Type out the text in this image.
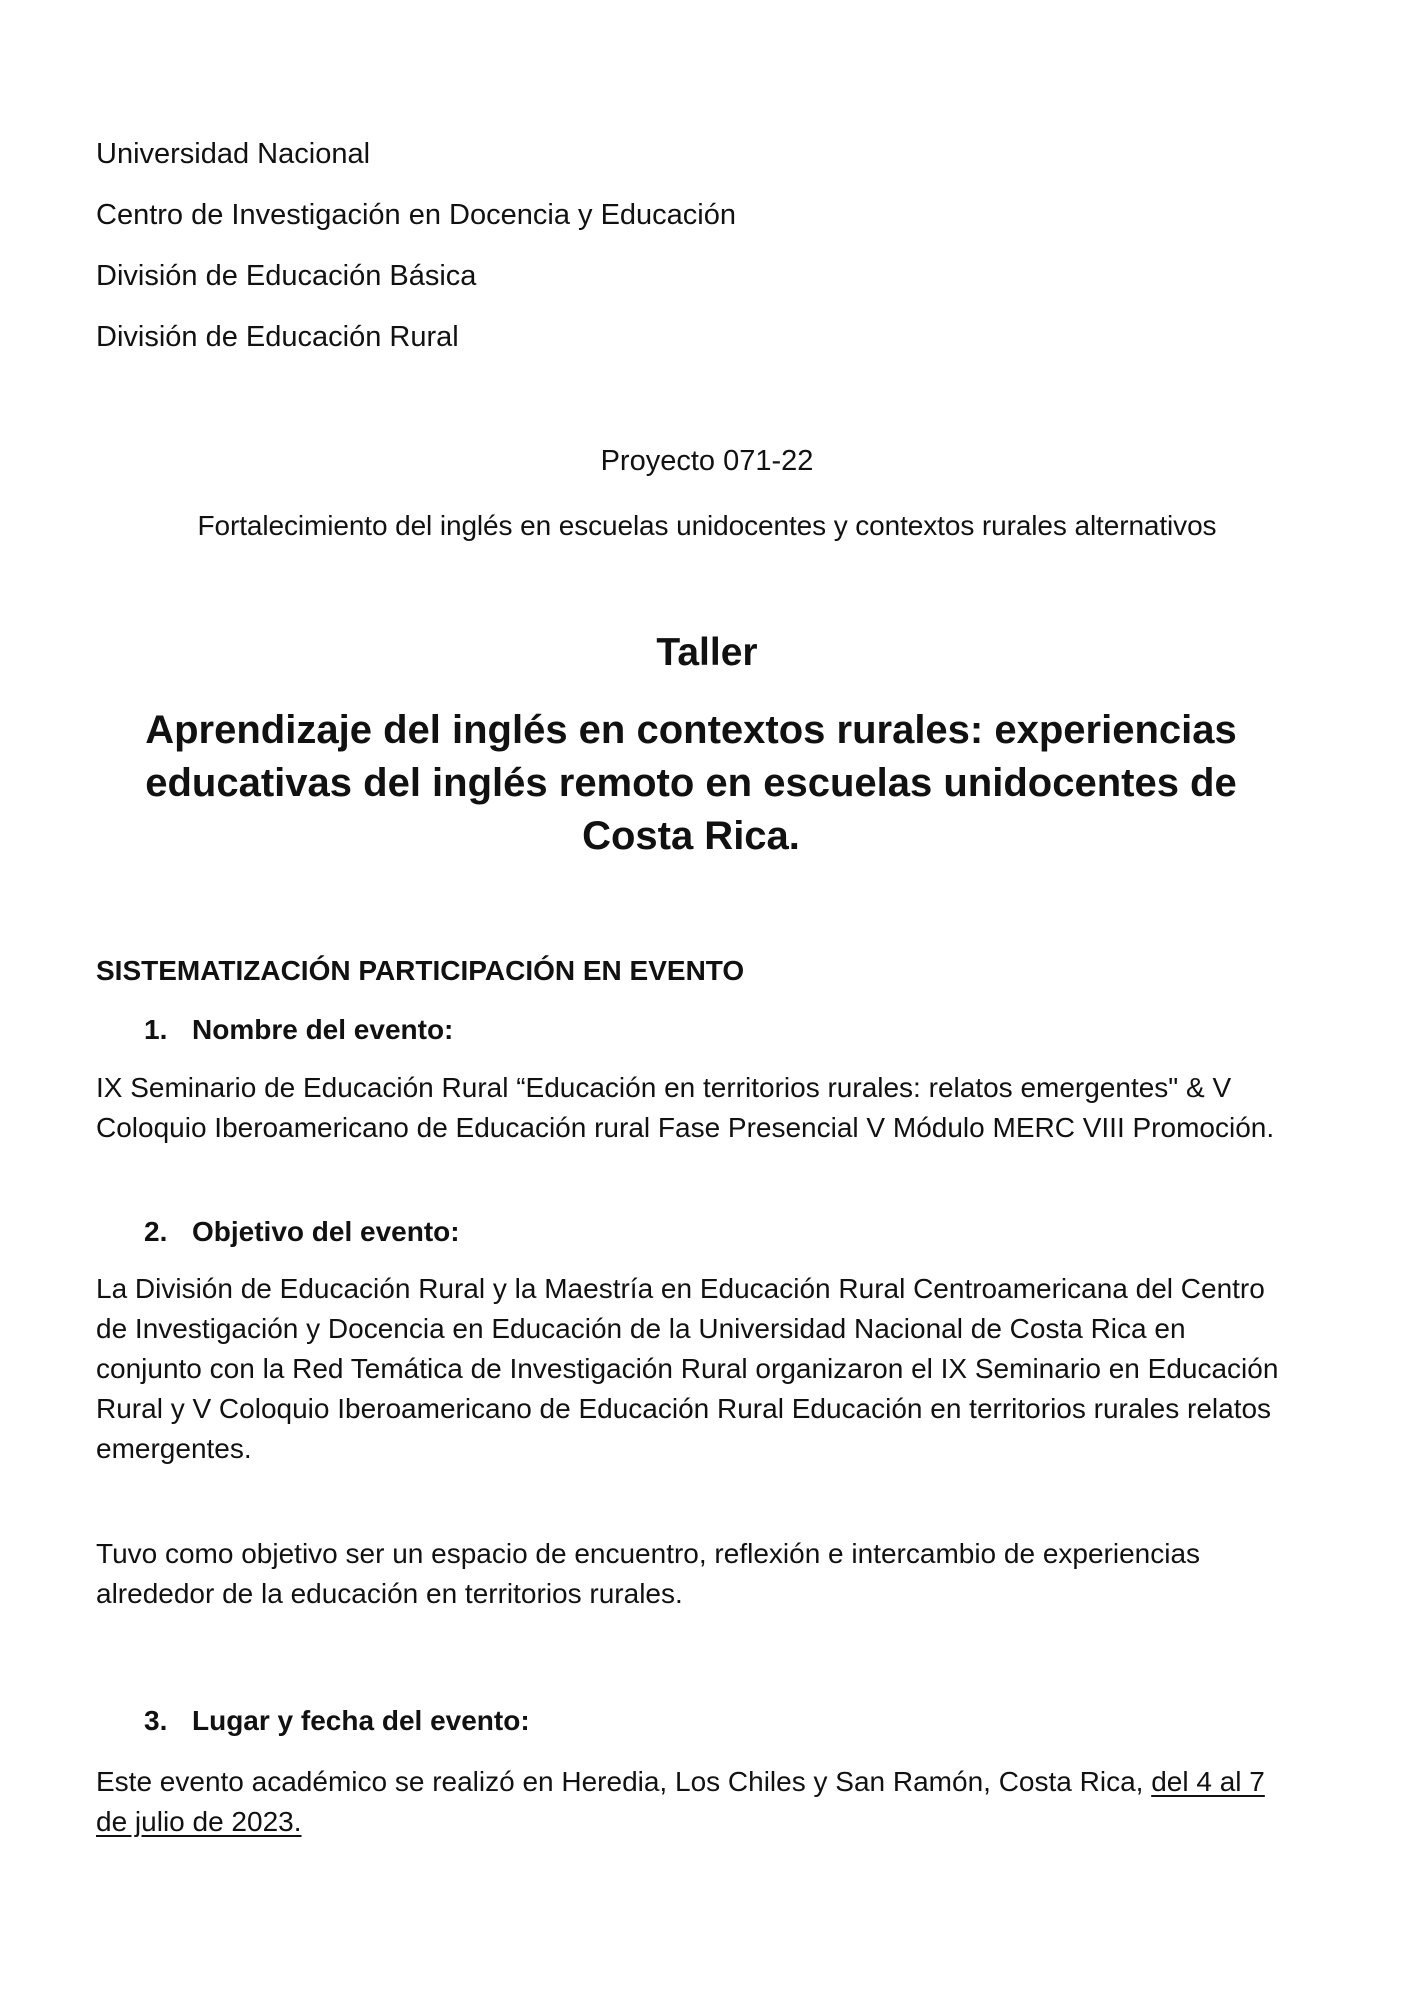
Universidad Nacional
Centro de Investigación en Docencia y Educación
División de Educación Básica
División de Educación Rural
Proyecto 071-22
Fortalecimiento del inglés en escuelas unidocentes y contextos rurales alternativos
Taller
Aprendizaje del inglés en contextos rurales: experiencias educativas del inglés remoto en escuelas unidocentes de Costa Rica.
SISTEMATIZACIÓN PARTICIPACIÓN EN EVENTO
1. Nombre del evento:
IX Seminario de Educación Rural “Educación en territorios rurales: relatos emergentes" & V Coloquio Iberoamericano de Educación rural Fase Presencial V Módulo MERC VIII Promoción.
2. Objetivo del evento:
La División de Educación Rural y la Maestría en Educación Rural Centroamericana del Centro de Investigación y Docencia en Educación de la Universidad Nacional de Costa Rica en conjunto con la Red Temática de Investigación Rural organizaron el IX Seminario en Educación Rural y V Coloquio Iberoamericano de Educación Rural Educación en territorios rurales relatos emergentes.
Tuvo como objetivo ser un espacio de encuentro, reflexión e intercambio de experiencias alrededor de la educación en territorios rurales.
3. Lugar y fecha del evento:
Este evento académico se realizó en Heredia, Los Chiles y San Ramón, Costa Rica, del 4 al 7 de julio de 2023.
